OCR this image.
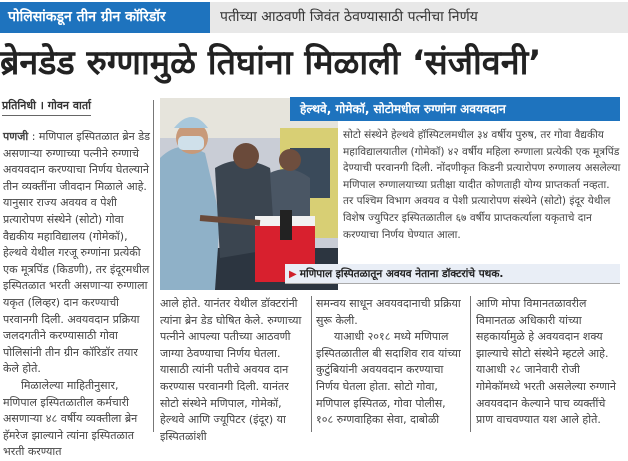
पोलिसांकडून तीन ग्रीन कॉरिडॉर	पतीच्या आठवणी जिवंत ठेवण्यासाठी पत्नीचा निर्णय
ब्रेनडेड रुग्णामुळे तिघांना मिळाली ‘संजीवनी’
प्रतिनिधी । गोवन वार्ता

पणजी : मणिपाल इस्पितळात ब्रेन डेड असणाऱ्या रुग्णाच्या पत्नीने रुग्णाचे अवयवदान करण्याचा निर्णय घेतल्याने तीन व्यक्तींना जीवदान मिळाले आहे. यानुसार राज्य अवयव व पेशी प्रत्यारोपण संस्थेने (सोटो) गोवा वैद्यकीय महाविद्यालय (गोमेकॉ), हेल्थवे येथील गरजू रुग्णांना प्रत्येकी एक मूत्रपिंड (किडणी), तर इंदूरमधील इस्पितळात भरती असणाऱ्या रुग्णाला यकृत (लिव्हर) दान करण्याची परवानगी दिली. अवयवदान प्रक्रिया जलदगतीने करण्यासाठी गोवा पोलिसांनी तीन ग्रीन कॉरिडॉर तयार केले होते.

मिळालेल्या माहितीनुसार, मणिपाल इस्पितळातील कर्मचारी असणाऱ्या ४८ वर्षीय व्यक्तीला ब्रेन हॅमरेज झाल्याने त्यांना इस्पितळात भरती करण्यात

हेल्थवे, गोमेकॉ, सोटोमधील रुग्णांना अवयवदान
सोटो संस्थेने हेल्थवे हॉस्पिटलमधील ३४ वर्षीय पुरुष, तर गोवा वैद्यकीय महाविद्यालयातील (गोमेकॉ) ४२ वर्षीय महिला रुग्णाला प्रत्येकी एक मूत्रपिंड देण्याची परवानगी दिली. नोंदणीकृत किडनी प्रत्यारोपण रुग्णालय असलेल्या मणिपाल रुग्णालयाच्या प्रतीक्षा यादीत कोणताही योग्य प्राप्तकर्ता नव्हता. तर पश्चिम विभाग अवयव व पेशी प्रत्यारोपण संस्थेने (सोटो) इंदूर येथील विशेष ज्युपिटर इस्पितळातील ६७ वर्षीय प्राप्तकर्त्याला यकृताचे दान करण्याचा निर्णय घेण्यात आला.
▶ मणिपाल इस्पितळातून अवयव नेताना डॉक्टरांचे पथक.
आले होते. यानंतर येथील डॉक्टरांनी त्यांना ब्रेन डेड घोषित केले. रुग्णाच्या पत्नीने आपल्या पतीच्या आठवणी जाग्या ठेवण्याचा निर्णय घेतला. यासाठी त्यांनी पतीचे अवयव दान करण्यास परवानगी दिली. यानंतर सोटो संस्थेने मणिपाल, गोमेकॉ, हेल्थवे आणि ज्यूपिटर (इंदूर) या इस्पितळांशी

समन्वय साधून अवयवदानाची प्रक्रिया सुरू केली.

याआधी २०१८ मध्ये मणिपाल इस्पितळातील बी सदाशिव राव यांच्या कुटुंबियांनी अवयवदान करण्याचा निर्णय घेतला होता. सोटो गोवा, मणिपाल इस्पितळ, गोवा पोलीस, १०८ रुग्णवाहिका सेवा, दाबोळी

आणि मोपा विमानतळावरील विमानतळ अधिकारी यांच्या सहकार्यामुळे हे अवयवदान शक्य झाल्याचे सोटो संस्थेने म्हटले आहे. याआधी २८ जानेवारी रोजी गोमेकॉमध्ये भरती असलेल्या रुग्णाने अवयवदान केल्याने पाच व्यक्तींचे प्राण वाचवण्यात यश आले होते.
